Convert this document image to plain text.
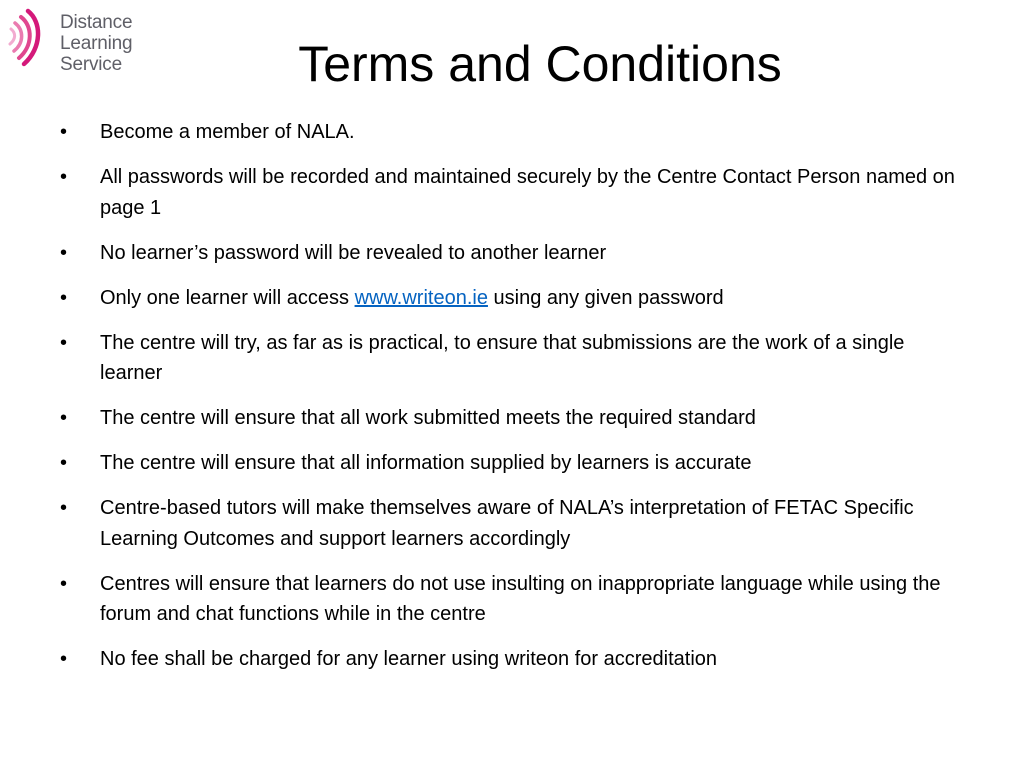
Distance
Learning
Service	Terms and Conditions
• Become a member of NALA.
• All passwords will be recorded and maintained securely by the Centre Contact Person named on page 1
• No learner’s password will be revealed to another learner
• Only one learner will access www.writeon.ie using any given password
• The centre will try, as far as is practical, to ensure that submissions are the work of a single learner
• The centre will ensure that all work submitted meets the required standard
• The centre will ensure that all information supplied by learners is accurate
• Centre-based tutors will make themselves aware of NALA’s interpretation of FETAC Specific Learning Outcomes and support learners accordingly
• Centres will ensure that learners do not use insulting on inappropriate language while using the forum and chat functions while in the centre
• No fee shall be charged for any learner using writeon for accreditation
